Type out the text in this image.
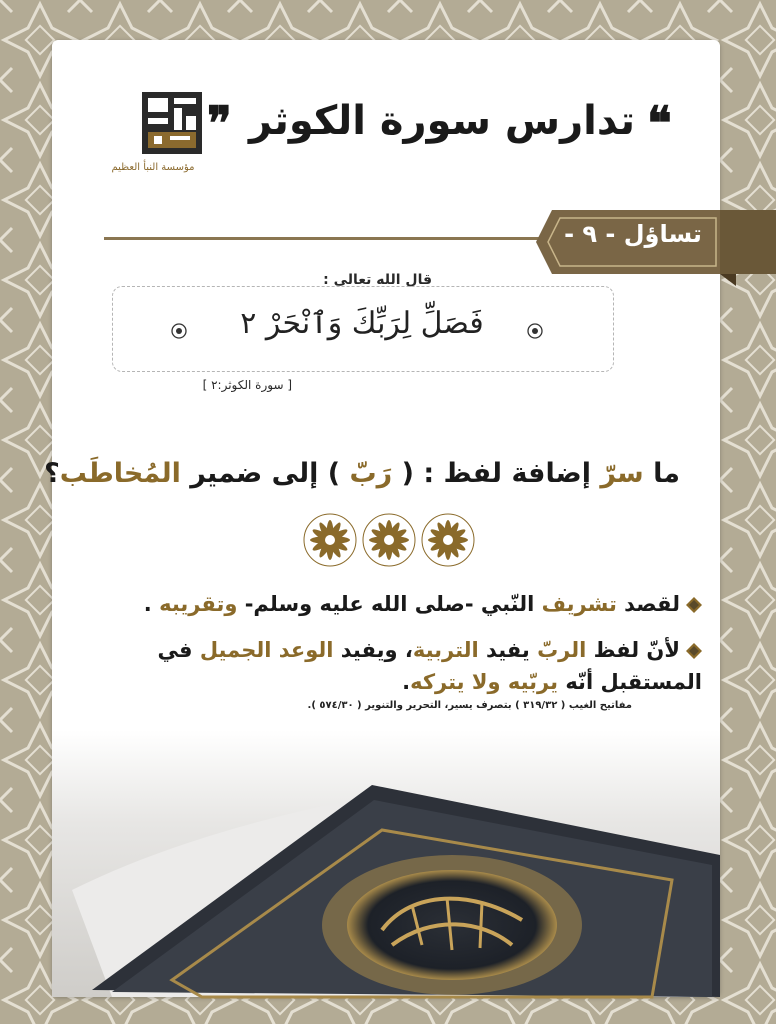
مؤسسة النبأ العظيم
❝
تدارس سورة الكوثر
❞
قال الله تعالى :
فَصَلِّ لِرَبِّكَ وَٱنْحَرْ ٢
[ سورة الكوثر:٢ ]
ما سرّ إضافة لفظ : ( رَبّ ) إلى ضمير المُخاطَب؟
لقصد تشريف النّبي -صلى الله عليه وسلم- وتقريبه .
لأنّ لفظ الربّ يفيد التربية، ويفيد الوعد الجميل في المستقبل أنّه يربّيه ولا يتركه.
مفاتيح الغيب ( ٣١٩/٣٢ ) بتصرف يسير، التحرير والتنوير ( ٥٧٤/٣٠ ).
تساؤل - ٩ -
